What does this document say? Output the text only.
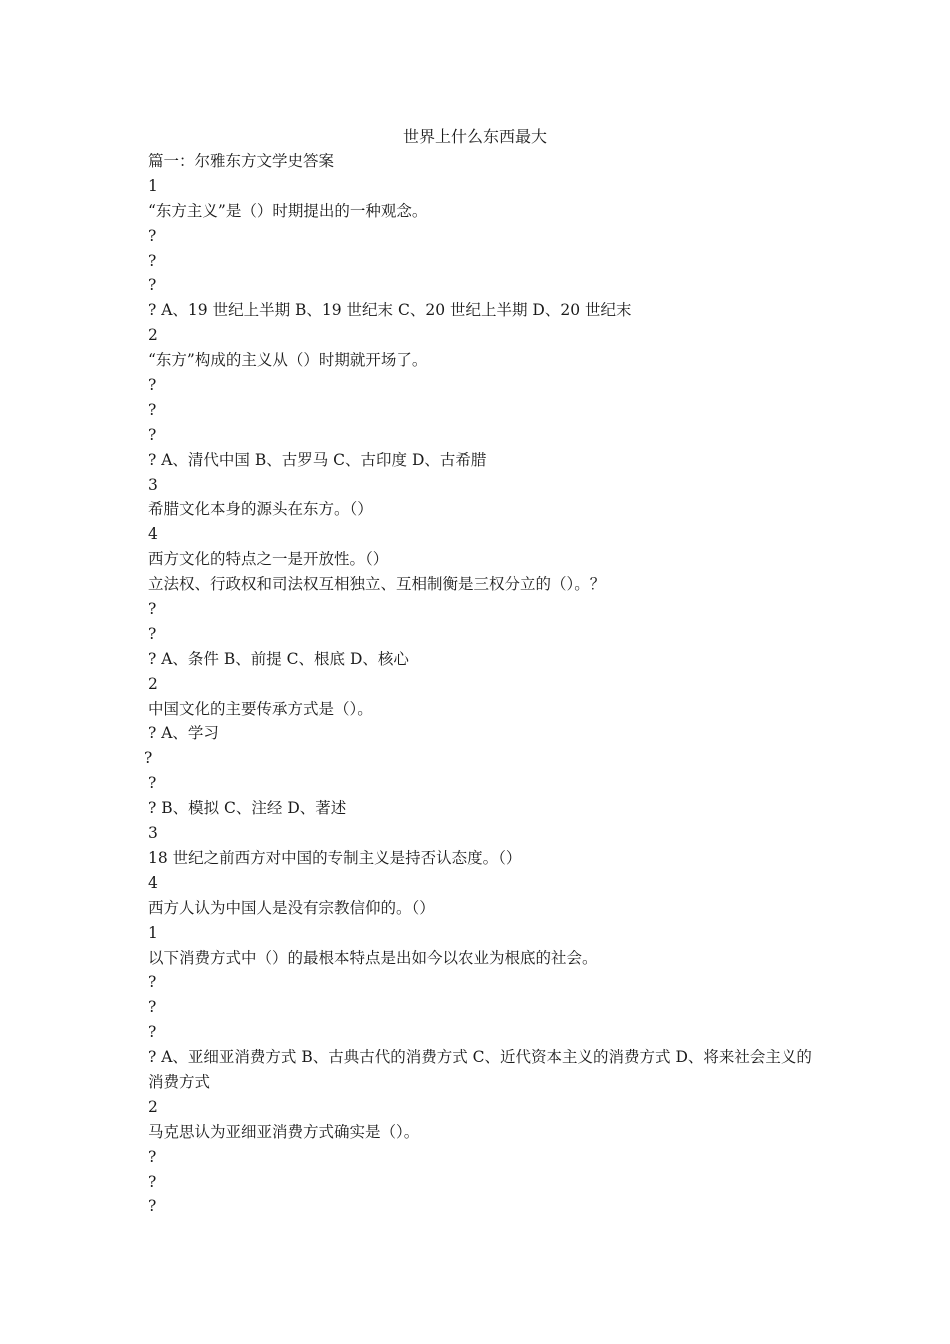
世界上什么东西最大
篇一：尔雅东方文学史答案
1
“东方主义”是（）时期提出的一种观念。
?
?
?
? A、19 世纪上半期 B、19 世纪末 C、20 世纪上半期 D、20 世纪末
2
“东方”构成的主义从（）时期就开场了。
?
?
?
? A、清代中国 B、古罗马 C、古印度 D、古希腊
3
希腊文化本身的源头在东方。（）
4
西方文化的特点之一是开放性。（）
立法权、行政权和司法权互相独立、互相制衡是三权分立的（）。？
?
?
? A、条件 B、前提 C、根底 D、核心
2
中国文化的主要传承方式是（）。
? A、学习
?
?
? B、模拟 C、注经 D、著述
3
18 世纪之前西方对中国的专制主义是持否认态度。（）
4
西方人认为中国人是没有宗教信仰的。（）
1
以下消费方式中（）的最根本特点是出如今以农业为根底的社会。
?
?
?
? A、亚细亚消费方式 B、古典古代的消费方式 C、近代资本主义的消费方式 D、将来社会主义的消费方式
2
马克思认为亚细亚消费方式确实是（）。
?
?
?
